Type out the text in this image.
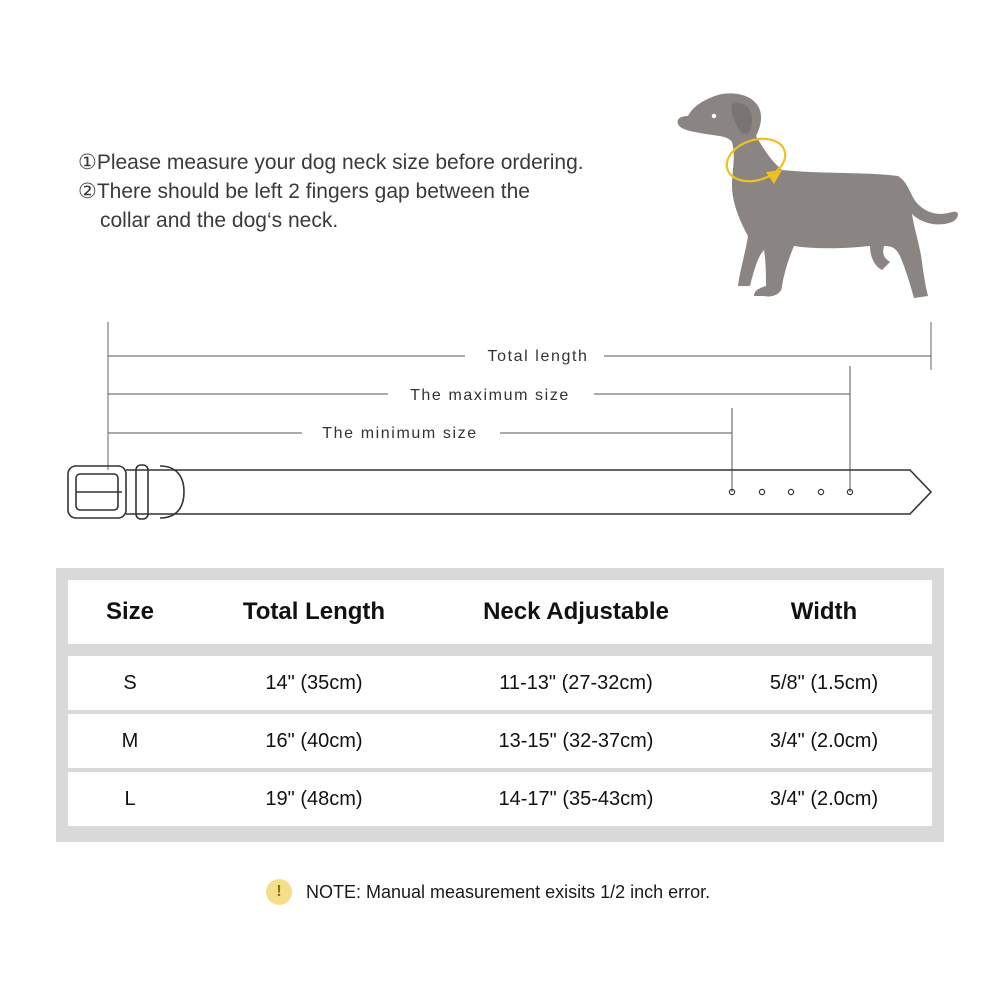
①Please measure your dog neck size before ordering.
②There should be left 2 fingers gap between the
collar and the dog‘s neck.
Total length
The maximum size
The minimum size
Size	Total Length	Neck Adjustable	Width
S	14" (35cm)	11-13" (27-32cm)	5/8" (1.5cm)
M	16" (40cm)	13-15" (32-37cm)	3/4" (2.0cm)
L	19" (48cm)	14-17" (35-43cm)	3/4" (2.0cm)
!	NOTE: Manual measurement exisits 1/2 inch error.
